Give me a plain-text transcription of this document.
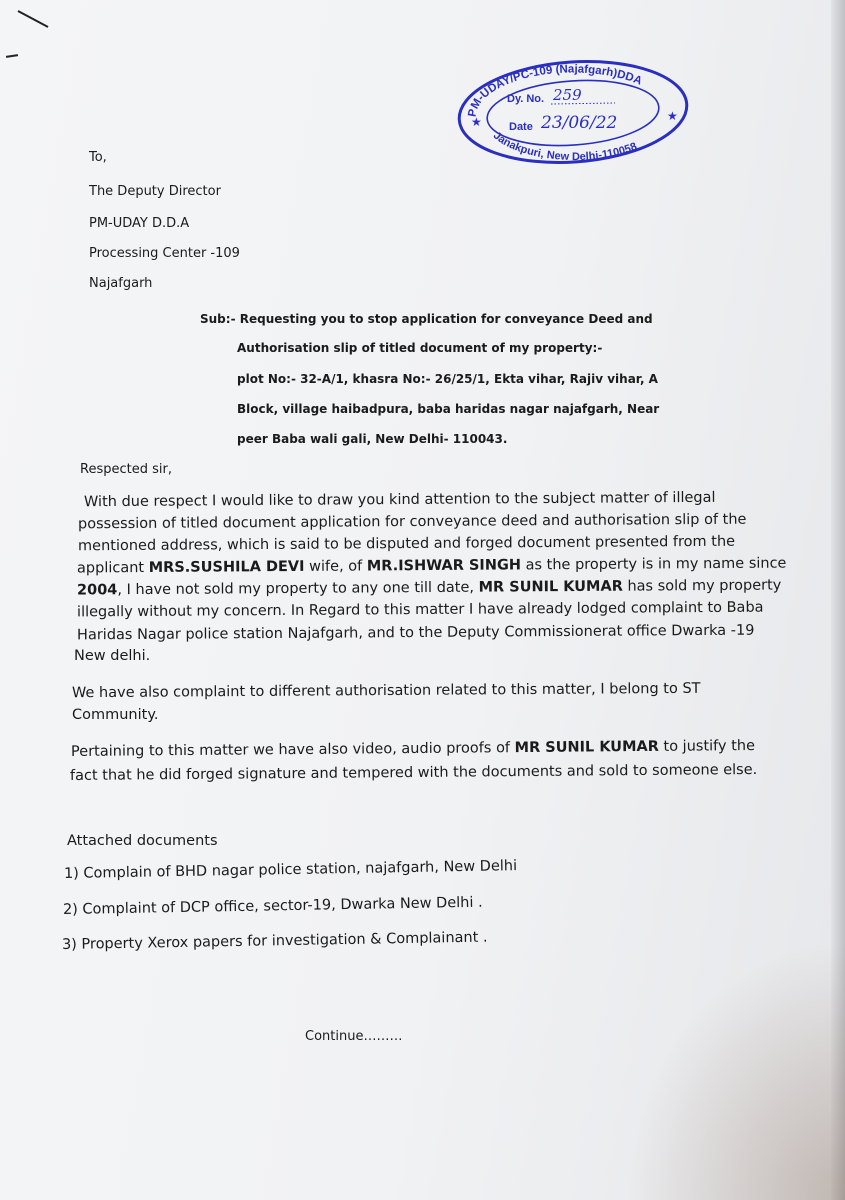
PM-UDAY/PC-109 (Najafgarh)DDA
Janakpuri, New Delhi-110058
Dy. No. 259
Date 23/06/22
★	★
To,
The Deputy Director
PM-UDAY D.D.A
Processing Center -109
Najafgarh
Sub:- Requesting you to stop application for conveyance Deed and
Authorisation slip of titled document of my property:-
plot No:- 32-A/1, khasra No:- 26/25/1, Ekta vihar, Rajiv vihar, A
Block, village haibadpura, baba haridas nagar najafgarh, Near
peer Baba wali gali, New Delhi- 110043.
Respected sir,
With due respect I would like to draw you kind attention to the subject matter of illegal
possession of titled document application for conveyance deed and authorisation slip of the
mentioned address, which is said to be disputed and forged document presented from the
applicant MRS.SUSHILA DEVI wife, of MR.ISHWAR SINGH as the property is in my name since
2004, I have not sold my property to any one till date, MR SUNIL KUMAR has sold my property
illegally without my concern. In Regard to this matter I have already lodged complaint to Baba
Haridas Nagar police station Najafgarh, and to the Deputy Commissionerat office Dwarka -19
New delhi.
We have also complaint to different authorisation related to this matter, I belong to ST
Community.
Pertaining to this matter we have also video, audio proofs of MR SUNIL KUMAR to justify the
fact that he did forged signature and tempered with the documents and sold to someone else.
Attached documents
1) Complain of BHD nagar police station, najafgarh, New Delhi
2) Complaint of DCP office, sector-19, Dwarka New Delhi .
3) Property Xerox papers for investigation & Complainant .
Continue………
